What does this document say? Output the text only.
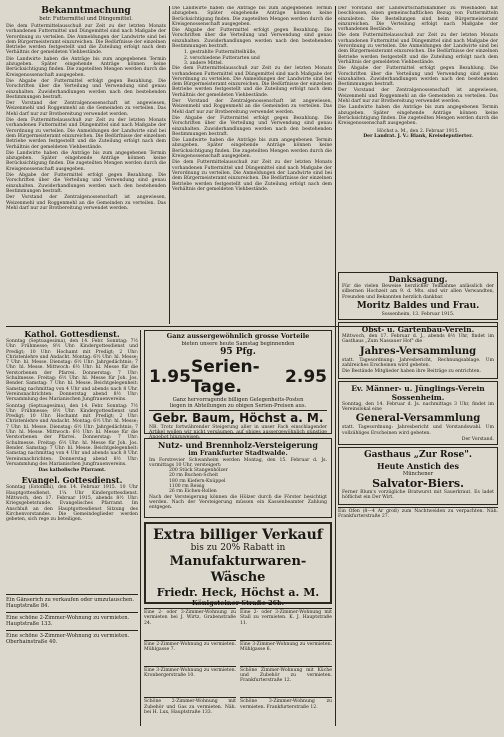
Bekanntmachung
betr. Futtermittel und Düngemittel.

Die dem Futtermittelausschuß zur Zeit zu der letzten Monats vorhandenen Futtermittel und Düngemittel sind nach Maßgabe der Verordnung zu verteilen. Die Anmeldungen der Landwirte sind bei dem Bürgermeisteramt einzureichen. Die Bedürfnisse der einzelnen Betriebe werden festgestellt und die Zuteilung erfolgt nach dem Verhältnis der gemeldeten Viehbestände.

Die Landwirte haben die Anträge bis zum angegebenen Termin abzugeben. Später eingehende Anträge können keine Berücksichtigung finden. Die zugeteilten Mengen werden durch die Kreisgenossenschaft ausgegeben.

Die Abgabe der Futtermittel erfolgt gegen Bezahlung. Die Vorschriften über die Verteilung und Verwendung sind genau einzuhalten. Zuwiderhandlungen werden nach den bestehenden Bestimmungen bestraft.

Der Vorstand der Zentralgenossenschaft ist angewiesen, Weizenmehl und Roggenmehl an die Gemeinden zu verteilen. Das Mehl darf nur zur Brotbereitung verwendet werden.

Die dem Futtermittelausschuß zur Zeit zu der letzten Monats vorhandenen Futtermittel und Düngemittel sind nach Maßgabe der Verordnung zu verteilen. Die Anmeldungen der Landwirte sind bei dem Bürgermeisteramt einzureichen. Die Bedürfnisse der einzelnen Betriebe werden festgestellt und die Zuteilung erfolgt nach dem Verhältnis der gemeldeten Viehbestände.

Die Landwirte haben die Anträge bis zum angegebenen Termin abzugeben. Später eingehende Anträge können keine Berücksichtigung finden. Die zugeteilten Mengen werden durch die Kreisgenossenschaft ausgegeben.

Die Abgabe der Futtermittel erfolgt gegen Bezahlung. Die Vorschriften über die Verteilung und Verwendung sind genau einzuhalten. Zuwiderhandlungen werden nach den bestehenden Bestimmungen bestraft.

Der Vorstand der Zentralgenossenschaft ist angewiesen, Weizenmehl und Roggenmehl an die Gemeinden zu verteilen. Das Mehl darf nur zur Brotbereitung verwendet werden.

Die Landwirte haben die Anträge bis zum angegebenen Termin abzugeben. Später eingehende Anträge können keine Berücksichtigung finden. Die zugeteilten Mengen werden durch die Kreisgenossenschaft ausgegeben.

Die Abgabe der Futtermittel erfolgt gegen Bezahlung. Die Vorschriften über die Verteilung und Verwendung sind genau einzuhalten. Zuwiderhandlungen werden nach den bestehenden Bestimmungen bestraft.

1. gestrahlte Futtermittelhülle,
2. verschiedene Futterarten und
3. andere Mittel.

Die dem Futtermittelausschuß zur Zeit zu der letzten Monats vorhandenen Futtermittel und Düngemittel sind nach Maßgabe der Verordnung zu verteilen. Die Anmeldungen der Landwirte sind bei dem Bürgermeisteramt einzureichen. Die Bedürfnisse der einzelnen Betriebe werden festgestellt und die Zuteilung erfolgt nach dem Verhältnis der gemeldeten Viehbestände.

Der Vorstand der Zentralgenossenschaft ist angewiesen, Weizenmehl und Roggenmehl an die Gemeinden zu verteilen. Das Mehl darf nur zur Brotbereitung verwendet werden.

Die Abgabe der Futtermittel erfolgt gegen Bezahlung. Die Vorschriften über die Verteilung und Verwendung sind genau einzuhalten. Zuwiderhandlungen werden nach den bestehenden Bestimmungen bestraft.

Die Landwirte haben die Anträge bis zum angegebenen Termin abzugeben. Später eingehende Anträge können keine Berücksichtigung finden. Die zugeteilten Mengen werden durch die Kreisgenossenschaft ausgegeben.

Die dem Futtermittelausschuß zur Zeit zu der letzten Monats vorhandenen Futtermittel und Düngemittel sind nach Maßgabe der Verordnung zu verteilen. Die Anmeldungen der Landwirte sind bei dem Bürgermeisteramt einzureichen. Die Bedürfnisse der einzelnen Betriebe werden festgestellt und die Zuteilung erfolgt nach dem Verhältnis der gemeldeten Viehbestände.

Der Vorstand der Landwirtschaftskammer zu Wiesbaden hat beschlossen, einen gemeinschaftlichen Bezug von Futtermitteln einzuleiten. Die Bestellungen sind beim Bürgermeisteramt einzureichen. Die Verteilung erfolgt nach Maßgabe der vorhandenen Bestände.

Die dem Futtermittelausschuß zur Zeit zu der letzten Monats vorhandenen Futtermittel und Düngemittel sind nach Maßgabe der Verordnung zu verteilen. Die Anmeldungen der Landwirte sind bei dem Bürgermeisteramt einzureichen. Die Bedürfnisse der einzelnen Betriebe werden festgestellt und die Zuteilung erfolgt nach dem Verhältnis der gemeldeten Viehbestände.

Die Abgabe der Futtermittel erfolgt gegen Bezahlung. Die Vorschriften über die Verteilung und Verwendung sind genau einzuhalten. Zuwiderhandlungen werden nach den bestehenden Bestimmungen bestraft.

Der Vorstand der Zentralgenossenschaft ist angewiesen, Weizenmehl und Roggenmehl an die Gemeinden zu verteilen. Das Mehl darf nur zur Brotbereitung verwendet werden.

Die Landwirte haben die Anträge bis zum angegebenen Termin abzugeben. Später eingehende Anträge können keine Berücksichtigung finden. Die zugeteilten Mengen werden durch die Kreisgenossenschaft ausgegeben.

Höchst a. M., den 2. Februar 1915.
Der Landrat. J. V.: Blank, Kreisdeputierter.
Kathol. Gottesdienst.

Sonntag (Septuagesima), den 14. Febr. Sonntag: 7½ Uhr: Frühmesse; 8½ Uhr: Kindergottesdienst und Predigt; 10 Uhr: Hochamt mit Predigt; 2 Uhr: Christenlehre und Andacht. Montag: 6½ Uhr: hl. Messe; 7 Uhr: hl. Messe. Dienstag: 6½ Uhr: Jahrgedächtnis; 7 Uhr: hl. Messe. Mittwoch: 6½ Uhr: hl. Messe für die Verstorbenen der Pfarrei. Donnerstag: 7 Uhr: Schulmesse. Freitag: 6½ Uhr: hl. Messe für Joh. Jos. Bender. Samstag: 7 Uhr: hl. Messe. Beichtgelegenheit: Samstag nachmittag von 4 Uhr und abends nach 8 Uhr. Vereinsnachrichten: Donnerstag abend 8½ Uhr: Versammlung des Marianischen Jungfrauenvereins.

Sonntag (Septuagesima), den 14. Febr. Sonntag: 7½ Uhr: Frühmesse; 8½ Uhr: Kindergottesdienst und Predigt; 10 Uhr: Hochamt mit Predigt; 2 Uhr: Christenlehre und Andacht. Montag: 6½ Uhr: hl. Messe; 7 Uhr: hl. Messe. Dienstag: 6½ Uhr: Jahrgedächtnis; 7 Uhr: hl. Messe. Mittwoch: 6½ Uhr: hl. Messe für die Verstorbenen der Pfarrei. Donnerstag: 7 Uhr: Schulmesse. Freitag: 6½ Uhr: hl. Messe für Joh. Jos. Bender. Samstag: 7 Uhr: hl. Messe. Beichtgelegenheit: Samstag nachmittag von 4 Uhr und abends nach 8 Uhr. Vereinsnachrichten: Donnerstag abend 8½ Uhr: Versammlung des Marianischen Jungfrauenvereins.

Das katholische Pfarramt.
Evangel. Gottesdienst.

Sonntag (Estomihi), den 14. Februar 1915. 10 Uhr Hauptgottesdienst. 1¼ Uhr Kindergottesdienst. Mittwoch, den 17. Februar 1915, abends 8½ Uhr: Kriegsgebetstunde. Evangelisches Pfarramt. Im Anschluß an den Hauptgottesdienst Sitzung des Kirchenvorstandes. Die Gemeindeglieder werden gebeten, sich rege zu beteiligen.

Ein Gänserich zu verkaufen oder umzutauschen. Hauptstraße 84.

Eine schöne 2-Zimmer-Wohnung zu vermieten. Hauptstraße 133.

Eine schöne 3-Zimmer-Wohnung zu vermieten. Oberhainstraße 40.

Ganz aussergewöhnlich grosse Vorteile
bieten unsere heute Samstag beginnenden
95 Pfg.
1.95 Serien-Tage.	2.95
Ganz hervorragende billigen Gelegenheits-Posten
liegen in Abteilungen zu obigen Serien-Preisen aus.
Gebr. Baum, Höchst a. M.
NB. Trotz fortwährender Steigerung aller in unser Fach einschlagender Artikel wollen wir nicht versäumen, auf obiges aussergewöhnlich günstige Angebot hinzuweisen.
Nutz- und Brennholz-Versteigerung
im Frankfurter Stadtwalde.
Im Forstrevier Schwanheim werden Montag, den 15. Februar d. Js. vormittags 10 Uhr, versteigert:
200 Stück Stangenhölzer
20 rm Buchen-Scheit
180 rm Kiefern-Knüppel
1100 rm Reisig
26 rm Eichen-Rollen
Nach der Versteigerung können die Hölzer durch die Förster besichtigt werden. Nach der Versteigerung müssen ein Kassenbeamter Zahlung entgegen.
Extra billiger Verkauf
bis zu 20% Rabatt in
Manufakturwaren-Wäsche
Friedr. Heck, Höchst a. M.
Königsteiner Straße 26b.

Eine 2- oder 3-Zimmer-Wohnung zu vermieten bei J. Wirtz, Grabenstraße 24.

Eine 2- oder 3-Zimmer-Wohnung mit Stall zu vermieten. K. J. Hauptstraße 11.

Eine 2-Zimmer-Wohnung zu vermieten. Mühlgasse 7.

Eine 3-Zimmer-Wohnung zu vermieten. Mühlgasse 6.

Eine 3-Zimmer-Wohnung zu vermieten. Kronbergerstraße 10.

Schöne Zimmer-Wohnung mit Küche und Zubehör zu vermieten. Frankfurterstraße 12.

Schöne 2-Zimmer-Wohnung mit Zubehör und Gas zu vermieten. Näh. bei H. Lux, Hauptstraße 133.

Schöne 3-Zimmer-Wohnung zu vermieten. Frankfurterstraße 12.

Danksagung.

Für die vielen Beweise herzlicher Teilnahme anlässlich der silbernen Hochzeit am 9. d. Mts. sind wir allen Verwandten, Freunden und Bekannten herzlich dankbar.

Moritz Baldes und Frau.
Sossenheim, 13. Februar 1915.
Obst- u. Gartenbau-Verein.

Mittwoch, den 17. Februar d. J., abends 8½ Uhr, findet im Gasthaus „Zum Nassauer Hof" die

Jahres-Versammlung

statt. Tagesordnung: Jahresbericht, Rechnungsablage. Um zahlreiches Erscheinen wird gebeten.

Die Bestände Mitglieder haben ihre Beiträge zu entrichten.

Ev. Männer- u. Jünglings-Verein Sossenheim.

Sonntag, den 14. Februar d. Js. nachmittags 3 Uhr, findet im Vereinslokal eine

General-Versammlung

statt. Tagesordnung: Jahresbericht und Vorstandswahl. Um vollzähliges Erscheinen wird gebeten.

Der Vorstand.
Gasthaus „Zur Rose".
Heute Anstich des
Münchener
Salvator-Biers.

Ferner Blum's vorzügliche Bratwurst mit Sauerkraut. Es ladet höflichst ein Der Wirt.

Ein Ofen (8—4 Ar groß) zum Nachtweiden zu verpachten. Näh. Frankfurterstraße 27.
